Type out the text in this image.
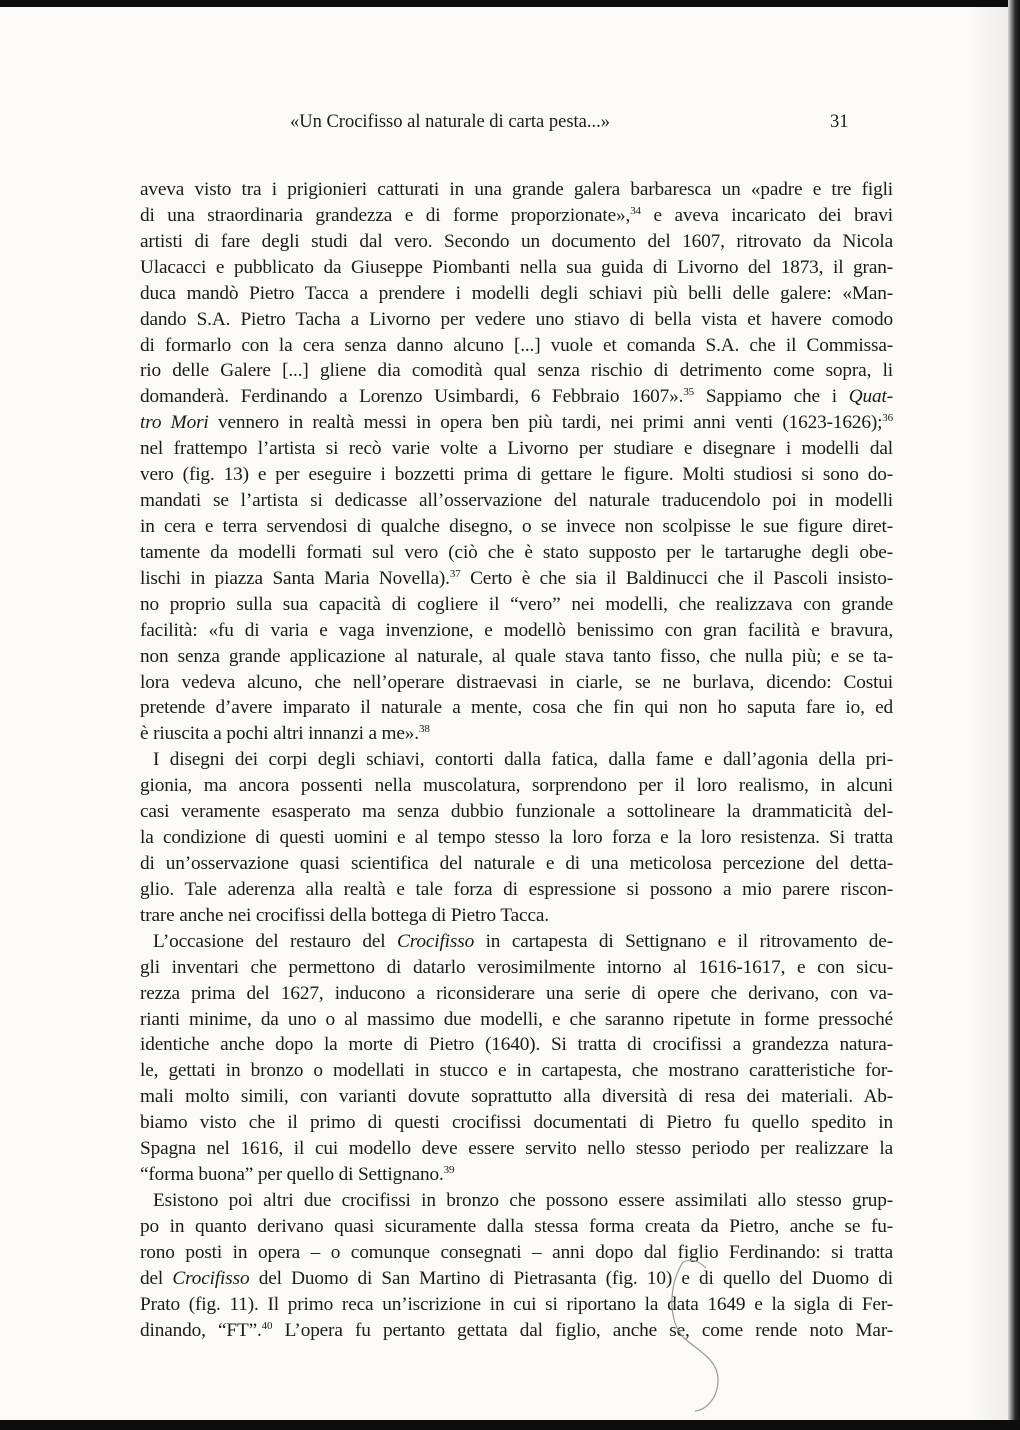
«Un Crocifisso al naturale di carta pesta...»	31
aveva visto tra i prigionieri catturati in una grande galera barbaresca un «padre e tre figli
di una straordinaria grandezza e di forme proporzionate»,$^{34}$ e aveva incaricato dei bravi
artisti di fare degli studi dal vero. Secondo un documento del 1607, ritrovato da Nicola
Ulacacci e pubblicato da Giuseppe Piombanti nella sua guida di Livorno del 1873, il gran-
duca mandò Pietro Tacca a prendere i modelli degli schiavi più belli delle galere: «Man-
dando S.A. Pietro Tacha a Livorno per vedere uno stiavo di bella vista et havere comodo
di formarlo con la cera senza danno alcuno [...] vuole et comanda S.A. che il Commissa-
rio delle Galere [...] gliene dia comodità qual senza rischio di detrimento come sopra, li
domanderà. Ferdinando a Lorenzo Usimbardi, 6 Febbraio 1607».$^{35}$ Sappiamo che i Quat-
tro Mori vennero in realtà messi in opera ben più tardi, nei primi anni venti (1623-1626);$^{36}$
nel frattempo l’artista si recò varie volte a Livorno per studiare e disegnare i modelli dal
vero (fig. 13) e per eseguire i bozzetti prima di gettare le figure. Molti studiosi si sono do-
mandati se l’artista si dedicasse all’osservazione del naturale traducendolo poi in modelli
in cera e terra servendosi di qualche disegno, o se invece non scolpisse le sue figure diret-
tamente da modelli formati sul vero (ciò che è stato supposto per le tartarughe degli obe-
lischi in piazza Santa Maria Novella).$^{37}$ Certo è che sia il Baldinucci che il Pascoli insisto-
no proprio sulla sua capacità di cogliere il “vero” nei modelli, che realizzava con grande
facilità: «fu di varia e vaga invenzione, e modellò benissimo con gran facilità e bravura,
non senza grande applicazione al naturale, al quale stava tanto fisso, che nulla più; e se ta-
lora vedeva alcuno, che nell’operare distraevasi in ciarle, se ne burlava, dicendo: Costui
pretende d’avere imparato il naturale a mente, cosa che fin qui non ho saputa fare io, ed
è riuscita a pochi altri innanzi a me».$^{38}$
I disegni dei corpi degli schiavi, contorti dalla fatica, dalla fame e dall’agonia della pri-
gionia, ma ancora possenti nella muscolatura, sorprendono per il loro realismo, in alcuni
casi veramente esasperato ma senza dubbio funzionale a sottolineare la drammaticità del-
la condizione di questi uomini e al tempo stesso la loro forza e la loro resistenza. Si tratta
di un’osservazione quasi scientifica del naturale e di una meticolosa percezione del detta-
glio. Tale aderenza alla realtà e tale forza di espressione si possono a mio parere riscon-
trare anche nei crocifissi della bottega di Pietro Tacca.
L’occasione del restauro del Crocifisso in cartapesta di Settignano e il ritrovamento de-
gli inventari che permettono di datarlo verosimilmente intorno al 1616-1617, e con sicu-
rezza prima del 1627, inducono a riconsiderare una serie di opere che derivano, con va-
rianti minime, da uno o al massimo due modelli, e che saranno ripetute in forme pressoché
identiche anche dopo la morte di Pietro (1640). Si tratta di crocifissi a grandezza natura-
le, gettati in bronzo o modellati in stucco e in cartapesta, che mostrano caratteristiche for-
mali molto simili, con varianti dovute soprattutto alla diversità di resa dei materiali. Ab-
biamo visto che il primo di questi crocifissi documentati di Pietro fu quello spedito in
Spagna nel 1616, il cui modello deve essere servito nello stesso periodo per realizzare la
“forma buona” per quello di Settignano.$^{39}$
Esistono poi altri due crocifissi in bronzo che possono essere assimilati allo stesso grup-
po in quanto derivano quasi sicuramente dalla stessa forma creata da Pietro, anche se fu-
rono posti in opera – o comunque consegnati – anni dopo dal figlio Ferdinando: si tratta
del Crocifisso del Duomo di San Martino di Pietrasanta (fig. 10) e di quello del Duomo di
Prato (fig. 11). Il primo reca un’iscrizione in cui si riportano la data 1649 e la sigla di Fer-
dinando, “FT”.$^{40}$ L’opera fu pertanto gettata dal figlio, anche se, come rende noto Mar-
